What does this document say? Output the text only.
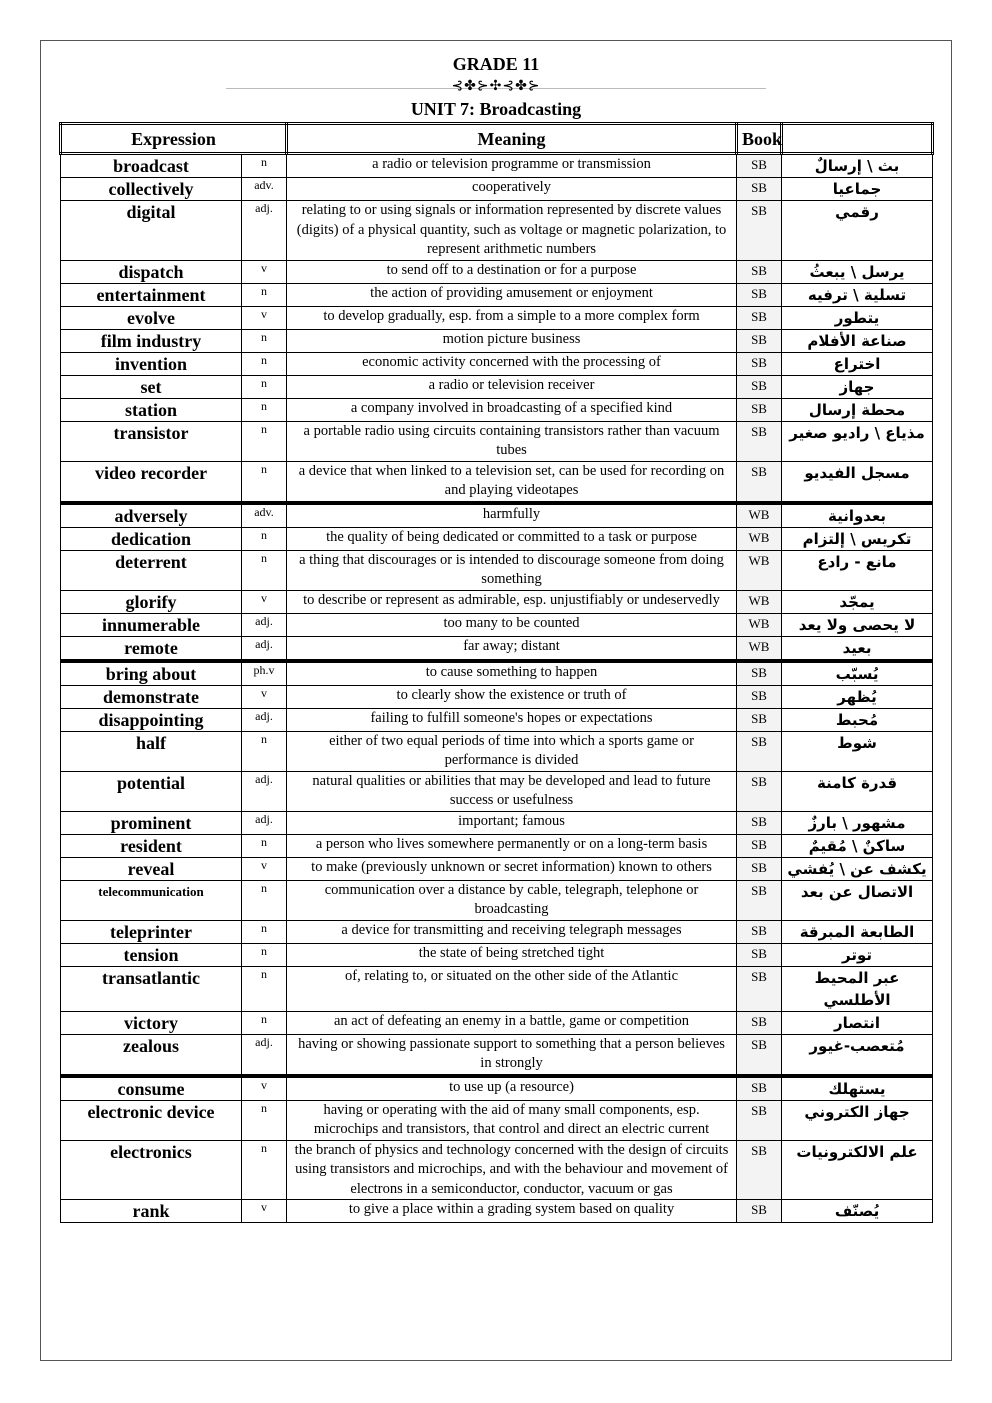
GRADE 11
⊰✤⊱✣⊰✤⊱
UNIT 7: Broadcasting
Expression		Meaning	Book	
broadcast	n	a radio or television programme or transmission	SB	بث \ إرسالٌ
collectively	adv.	cooperatively	SB	جماعيا
digital	adj.	relating to or using signals or information represented by discrete values (digits) of a physical quantity, such as voltage or magnetic polarization, to represent arithmetic numbers	SB	رقمي
dispatch	v	to send off to a destination or for a purpose	SB	يرسل \ يبعثُ
entertainment	n	the action of providing amusement or enjoyment	SB	تسلية \ ترفيه
evolve	v	to develop gradually, esp. from a simple to a more complex form	SB	يتطور
film industry	n	motion picture business	SB	صناعة الأفلام
invention	n	economic activity concerned with the processing of	SB	اختراع
set	n	a radio or television receiver	SB	جهاز
station	n	a company involved in broadcasting of a specified kind	SB	محطة إرسال
transistor	n	a portable radio using circuits containing transistors rather than vacuum tubes	SB	مذياع \ راديو صغير
video recorder	n	a device that when linked to a television set, can be used for recording on and playing videotapes	SB	مسجل الفيديو
adversely	adv.	harmfully	WB	بعدوانية
dedication	n	the quality of being dedicated or committed to a task or purpose	WB	تكريس \ إلتزام
deterrent	n	a thing that discourages or is intended to discourage someone from doing something	WB	مانع - رادع
glorify	v	to describe or represent as admirable, esp. unjustifiably or undeservedly	WB	يمجّد
innumerable	adj.	too many to be counted	WB	لا يحصى ولا يعد
remote	adj.	far away; distant	WB	بعيد
bring about	ph.v	to cause something to happen	SB	يُسبّب
demonstrate	v	to clearly show the existence or truth of	SB	يُظهر
disappointing	adj.	failing to fulfill someone's hopes or expectations	SB	مُحبط
half	n	either of two equal periods of time into which a sports game or performance is divided	SB	شوط
potential	adj.	natural qualities or abilities that may be developed and lead to future success or usefulness	SB	قدرة كامنة
prominent	adj.	important; famous	SB	مشهور \ بارزٌ
resident	n	a person who lives somewhere permanently or on a long-term basis	SB	ساكنٌ \ مُقيمٌ
reveal	v	to make (previously unknown or secret information) known to others	SB	يكشف عن \ يُفشي
telecommunication	n	communication over a distance by cable, telegraph, telephone or broadcasting	SB	الاتصال عن بعد
teleprinter	n	a device for transmitting and receiving telegraph messages	SB	الطابعة المبرقة
tension	n	the state of being stretched tight	SB	توتر
transatlantic	n	of, relating to, or situated on the other side of the Atlantic	SB	عبر المحيط الأطلسي
victory	n	an act of defeating an enemy in a battle, game or competition	SB	انتصار
zealous	adj.	having or showing passionate support to something that a person believes in strongly	SB	مُتعصب-غيور
consume	v	to use up (a resource)	SB	يستهلك
electronic device	n	having or operating with the aid of many small components, esp. microchips and transistors, that control and direct an electric current	SB	جهاز الكتروني
electronics	n	the branch of physics and technology concerned with the design of circuits using transistors and microchips, and with the behaviour and movement of electrons in a semiconductor, conductor, vacuum or gas	SB	علم الالكترونيات
rank	v	to give a place within a grading system based on quality	SB	يُصنّف
